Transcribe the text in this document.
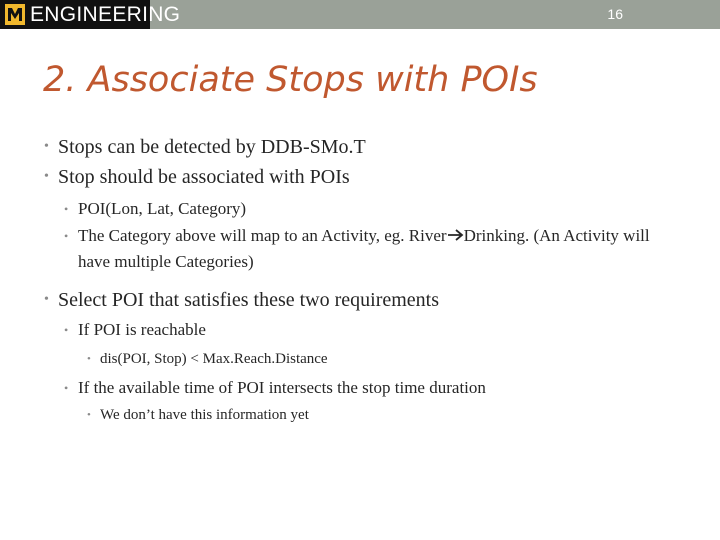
ENGINEERING	16
2. Associate Stops with POIs
• Stops can be detected by DDB-SMo.T
• Stop should be associated with POIs
• POI(Lon, Lat, Category)
• The Category above will map to an Activity, eg. River Drinking. (An Activity will have multiple Categories)
• Select POI that satisfies these two requirements
• If POI is reachable
• dis(POI, Stop) < Max.Reach.Distance
• If the available time of POI intersects the stop time duration
• We don’t have this information yet
